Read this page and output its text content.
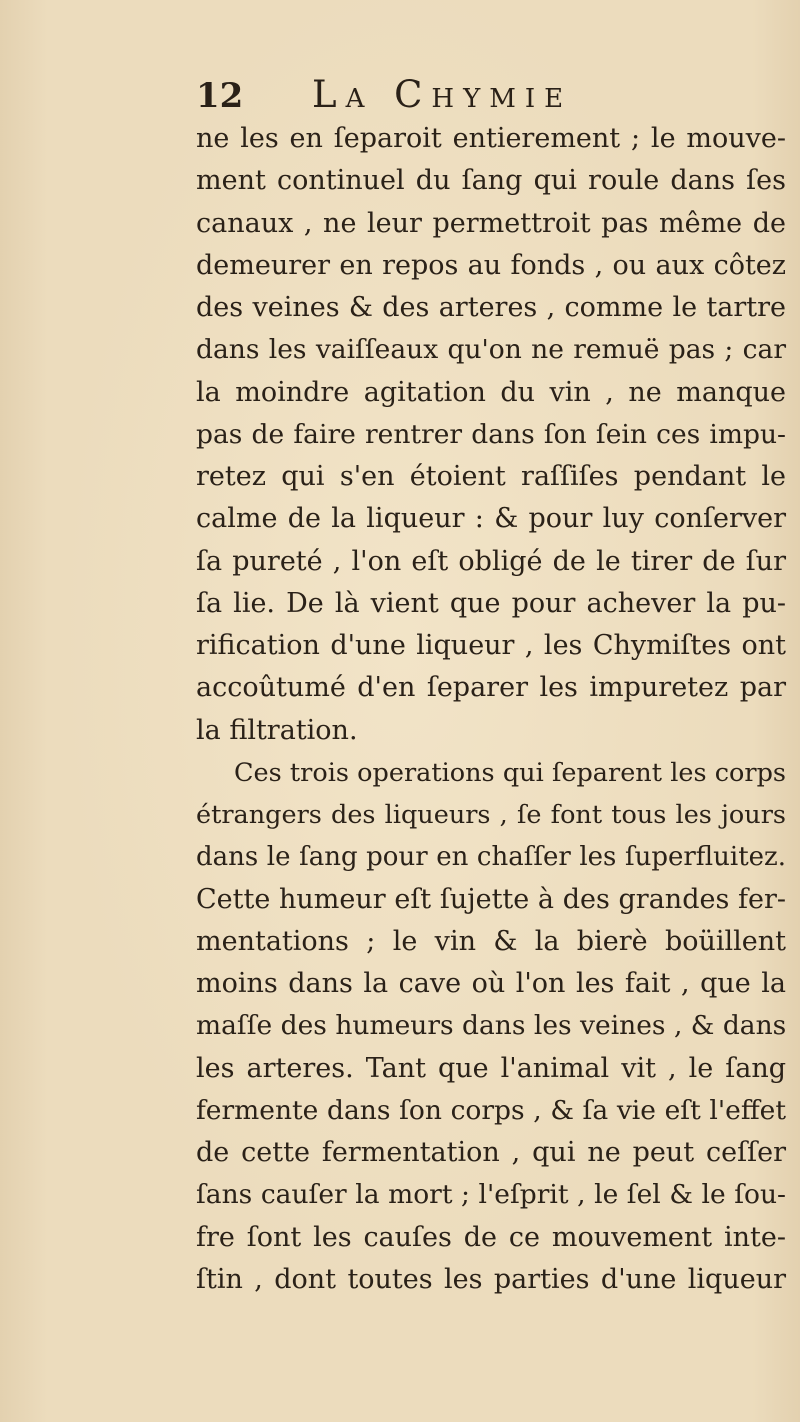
12 La Chymie
ne les en ſeparoit entierement ; le mouve-
ment continuel du ſang qui roule dans ſes
canaux , ne leur permettroit pas même de
demeurer en repos au fonds , ou aux côtez
des veines & des arteres , comme le tartre
dans les vaiſſeaux qu'on ne remuë pas ; car
la moindre agitation du vin , ne manque
pas de faire rentrer dans ſon ſein ces impu-
retez qui s'en étoient raſſiſes pendant le
calme de la liqueur : & pour luy conſerver
ſa pureté , l'on eſt obligé de le tirer de ſur
ſa lie. De là vient que pour achever la pu-
rification d'une liqueur , les Chymiſtes ont
accoûtumé d'en ſeparer les impuretez par
la filtration.
Ces trois operations qui ſeparent les corps
étrangers des liqueurs , ſe font tous les jours
dans le ſang pour en chaſſer les ſuperfluitez.
Cette humeur eſt ſujette à des grandes fer-
mentations ; le vin & la bierè boüillent
moins dans la cave où l'on les fait , que la
maſſe des humeurs dans les veines , & dans
les arteres. Tant que l'animal vit , le ſang
fermente dans ſon corps , & ſa vie eſt l'effet
de cette fermentation , qui ne peut ceſſer
ſans cauſer la mort ; l'eſprit , le ſel & le ſou-
fre ſont les cauſes de ce mouvement inte-
ſtin , dont toutes les parties d'une liqueur
